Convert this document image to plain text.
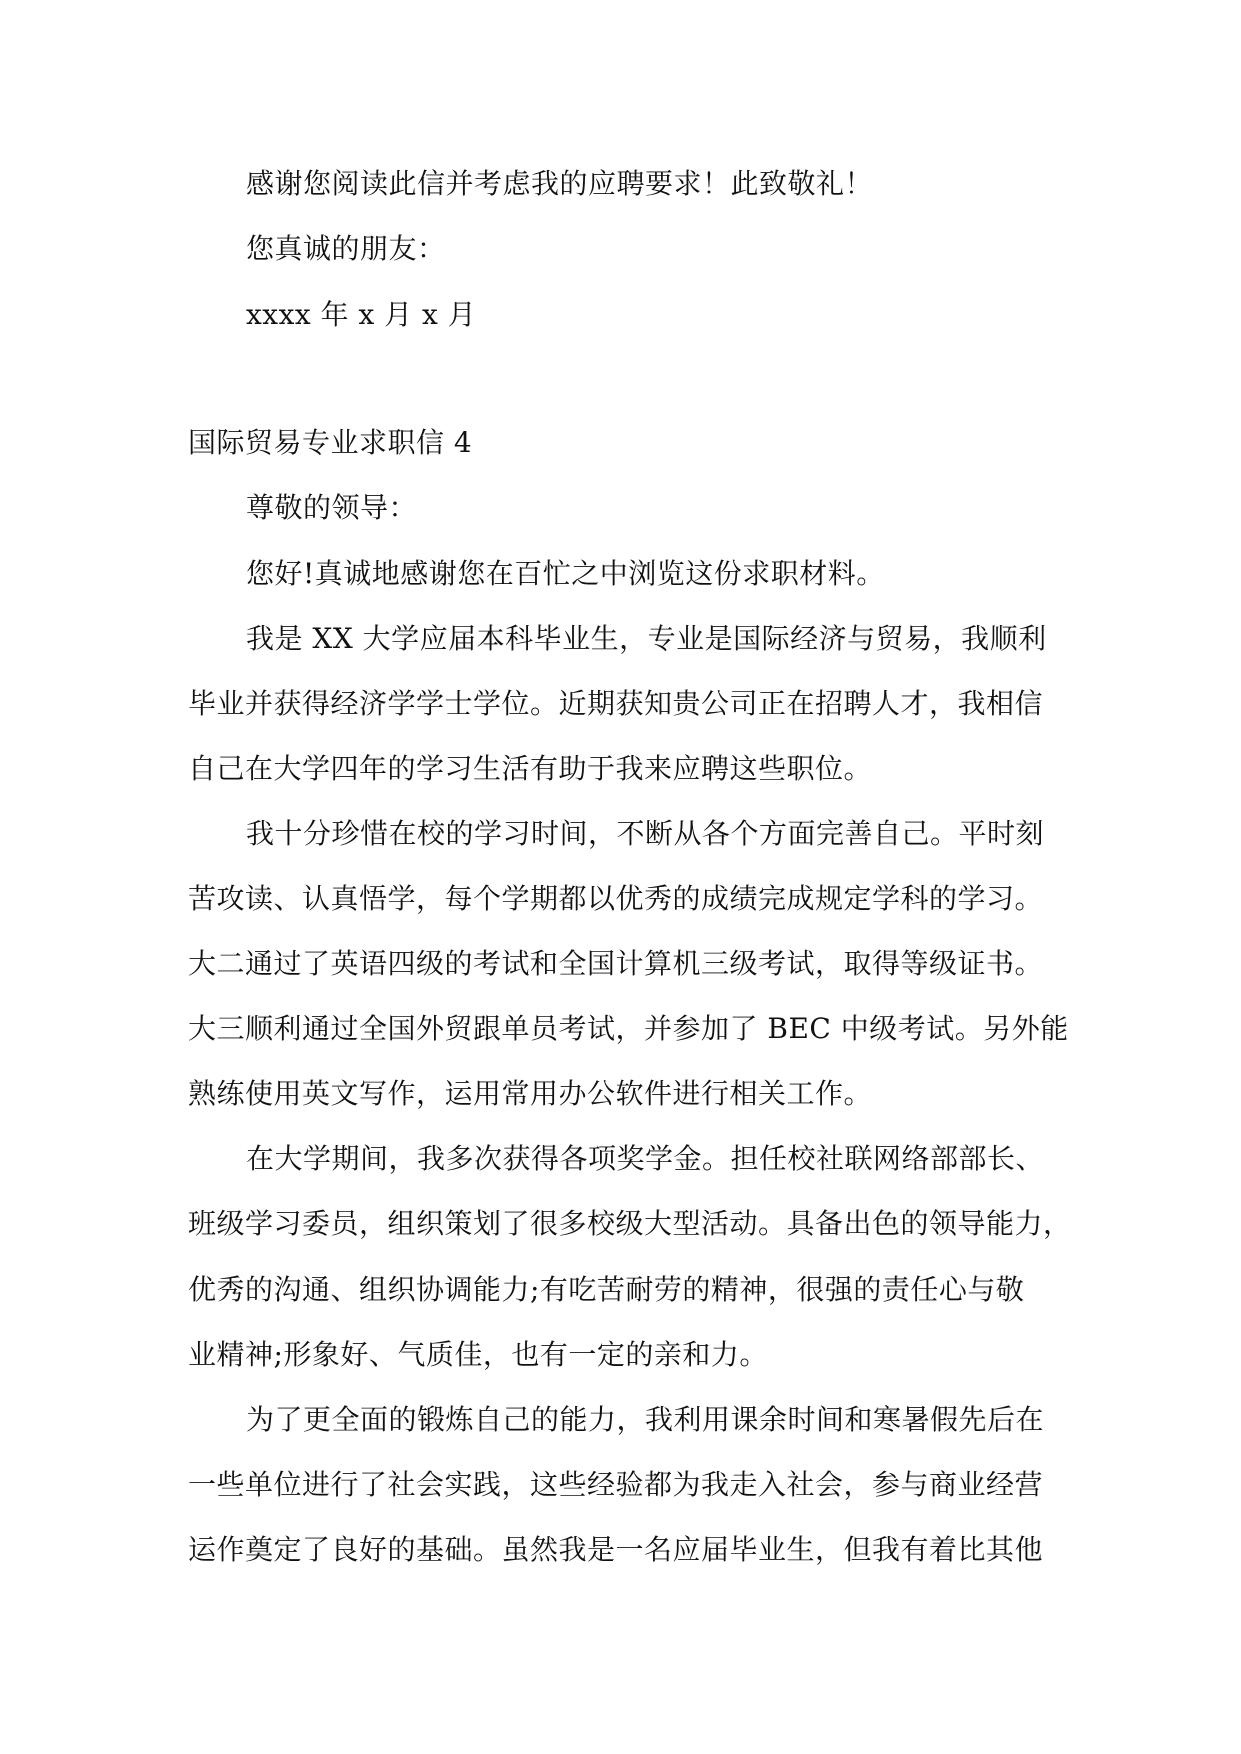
感谢您阅读此信并考虑我的应聘要求！此致敬礼！
您真诚的朋友：
xxxx 年 x 月 x 月
国际贸易专业求职信 4
尊敬的领导：
您好!真诚地感谢您在百忙之中浏览这份求职材料。
我是 XX 大学应届本科毕业生，专业是国际经济与贸易，我顺利
毕业并获得经济学学士学位。近期获知贵公司正在招聘人才，我相信
自己在大学四年的学习生活有助于我来应聘这些职位。
我十分珍惜在校的学习时间，不断从各个方面完善自己。平时刻
苦攻读、认真悟学，每个学期都以优秀的成绩完成规定学科的学习。
大二通过了英语四级的考试和全国计算机三级考试，取得等级证书。
大三顺利通过全国外贸跟单员考试，并参加了 BEC 中级考试。另外能
熟练使用英文写作，运用常用办公软件进行相关工作。
在大学期间，我多次获得各项奖学金。担任校社联网络部部长、
班级学习委员，组织策划了很多校级大型活动。具备出色的领导能力，
优秀的沟通、组织协调能力;有吃苦耐劳的精神，很强的责任心与敬
业精神;形象好、气质佳，也有一定的亲和力。
为了更全面的锻炼自己的能力，我利用课余时间和寒暑假先后在
一些单位进行了社会实践，这些经验都为我走入社会，参与商业经营
运作奠定了良好的基础。虽然我是一名应届毕业生，但我有着比其他
